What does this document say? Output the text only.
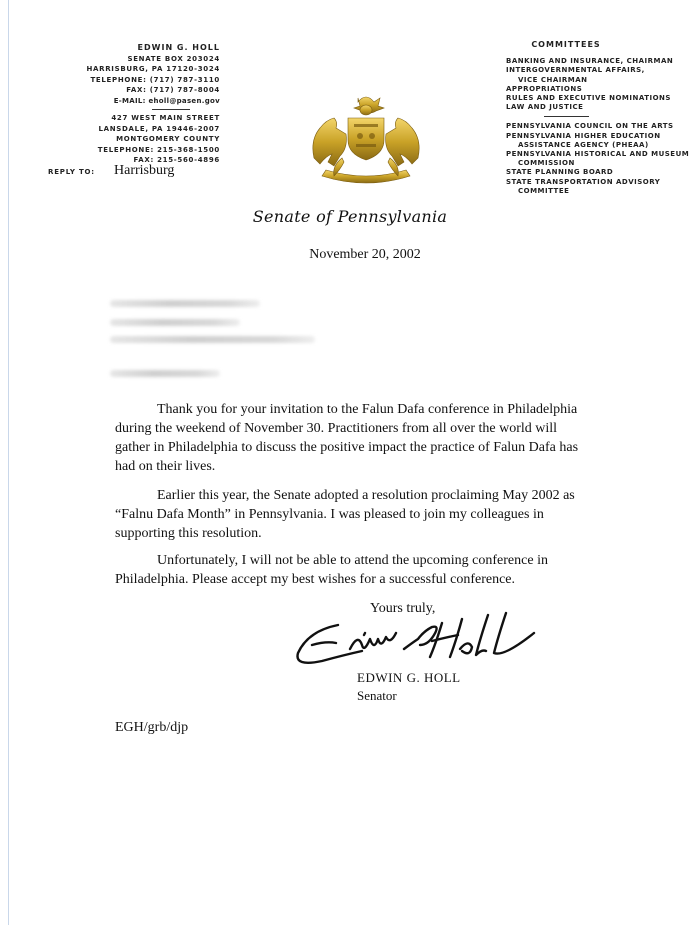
EDWIN G. HOLL
SENATE BOX 203024
HARRISBURG, PA 17120-3024
TELEPHONE: (717) 787-3110
FAX: (717) 787-8004
E-MAIL: eholl@pasen.gov
427 WEST MAIN STREET
LANSDALE, PA 19446-2007
MONTGOMERY COUNTY
TELEPHONE: 215-368-1500
FAX: 215-560-4896
REPLY TO: Harrisburg
COMMITTEES
BANKING AND INSURANCE, CHAIRMAN
INTERGOVERNMENTAL AFFAIRS,
VICE CHAIRMAN
APPROPRIATIONS
RULES AND EXECUTIVE NOMINATIONS
LAW AND JUSTICE
PENNSYLVANIA COUNCIL ON THE ARTS
PENNSYLVANIA HIGHER EDUCATION
ASSISTANCE AGENCY (PHEAA)
PENNSYLVANIA HISTORICAL AND MUSEUM
COMMISSION
STATE PLANNING BOARD
STATE TRANSPORTATION ADVISORY
COMMITTEE
Senate of Pennsylvania
November 20, 2002

Thank you for your invitation to the Falun Dafa conference in Philadelphia during the weekend of November 30. Practitioners from all over the world will gather in Philadelphia to discuss the positive impact the practice of Falun Dafa has had on their lives.

Earlier this year, the Senate adopted a resolution proclaiming May 2002 as “Falnu Dafa Month” in Pennsylvania. I was pleased to join my colleagues in supporting this resolution.

Unfortunately, I will not be able to attend the upcoming conference in Philadelphia. Please accept my best wishes for a successful conference.

Yours truly,
EDWIN G. HOLL
Senator
EGH/grb/djp
